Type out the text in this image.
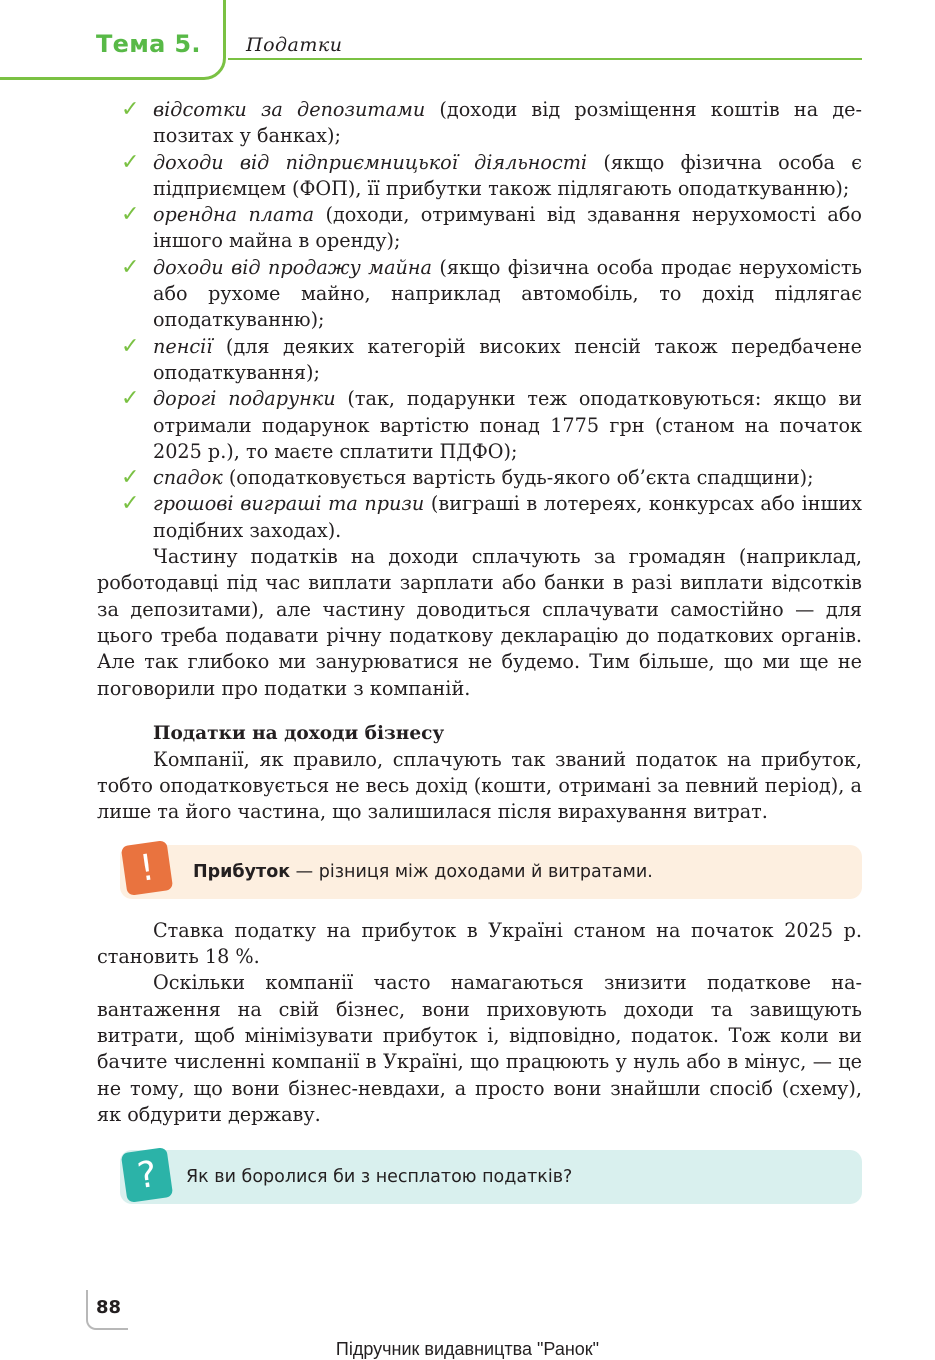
Тема 5. Податки
✓ відсотки за депозитами (доходи від розміщення коштів на депозитах у банках);
✓ доходи від підприємницької діяльності (якщо фізична особа є підприємцем (ФОП), її прибутки також підлягають оподаткуванню);
✓ орендна плата (доходи, отримувані від здавання нерухомості або іншого майна в оренду);
✓ доходи від продажу майна (якщо фізична особа продає нерухомість або рухоме майно, наприклад автомобіль, то дохід підлягає оподаткуванню);
✓ пенсії (для деяких категорій високих пенсій також передбачене оподаткування);
✓ дорогі подарунки (так, подарунки теж оподатковуються: якщо ви отримали подарунок вартістю понад 1775 грн (станом на початок 2025 р.), то маєте сплатити ПДФО);
✓ спадок (оподатковується вартість будь-якого об’єкта спадщини);
✓ грошові виграші та призи (виграші в лотереях, конкурсах або інших подібних заходах).

Частину податків на доходи сплачують за громадян (наприклад, роботодавці під час виплати зарплати або банки в разі виплати відсотків за депозитами), але частину доводиться сплачувати самостійно — для цього треба подавати річну податкову декларацію до податкових органів. Але так глибоко ми занурюватися не будемо. Тим більше, що ми ще не поговорили про податки з компаній.

Податки на доходи бізнесу

Компанії, як правило, сплачують так званий податок на прибуток, тобто оподатковується не весь дохід (кошти, отримані за певний період), а лише та його частина, що залишилася після вирахування витрат.

!	Прибуток — різниця між доходами й витратами.

Ставка податку на прибуток в Україні станом на початок 2025 р. становить 18 %.

Оскільки компанії часто намагаються знизити податкове навантаження на свій бізнес, вони приховують доходи та завищують витрати, щоб мінімізувати прибуток і, відповідно, податок. Тож коли ви бачите численні компанії в Україні, що працюють у нуль або в мінус, — це не тому, що вони бізнес-невдахи, а просто вони знайшли спосіб (схему), як обдурити державу.

?	Як ви боролися би з несплатою податків?
88
Підручник видавництва "Ранок"
